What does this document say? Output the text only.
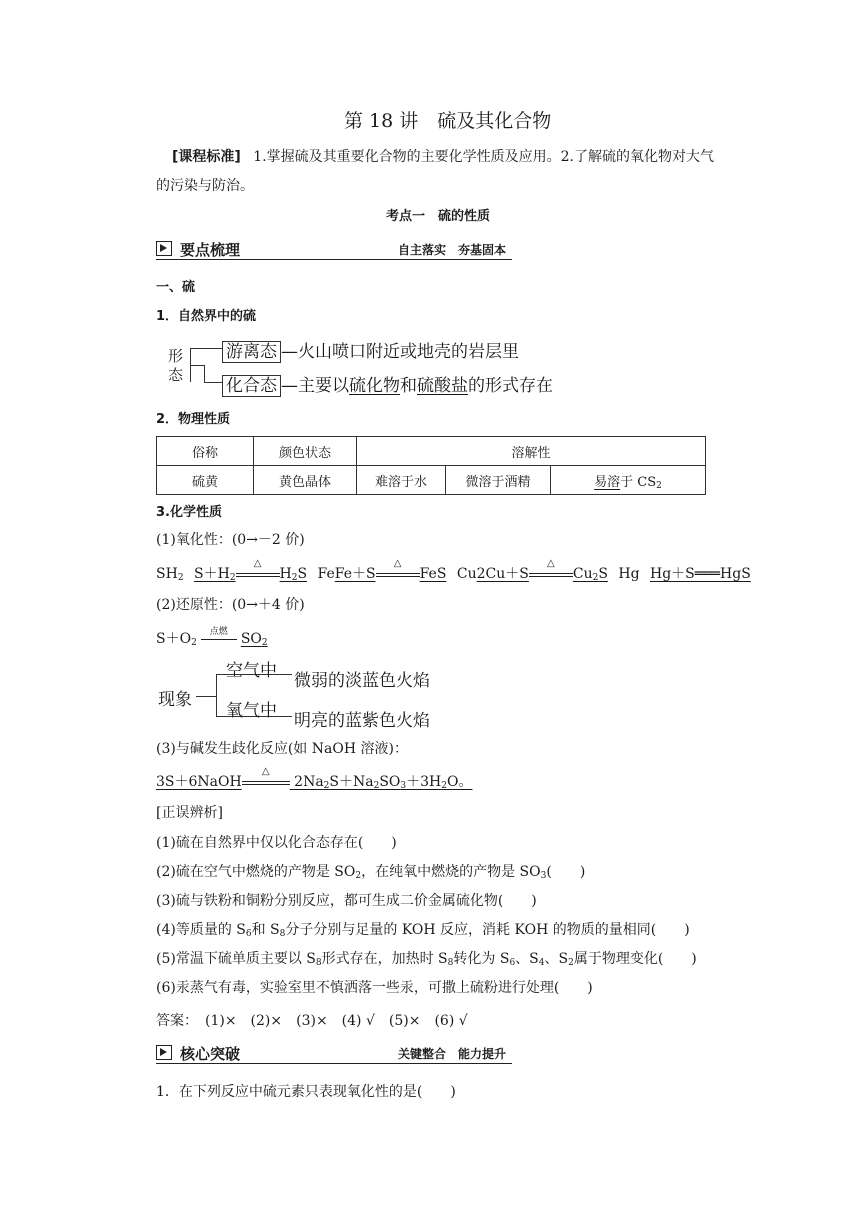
第 18 讲　硫及其化合物
[课程标准] 1.掌握硫及其重要化合物的主要化学性质及应用。2.了解硫的氧化物对大气
的污染与防治。
考点一　硫的性质
要点梳理	自主落实　夯基固本
一、硫
1．自然界中的硫
形
态
游离态 —火山喷口附近或地壳的岩层里
化合态 —主要以硫化物和硫酸盐的形式存在
2．物理性质
俗称	颜色状态	溶解性		
硫黄	黄色晶体	难溶于水	微溶于酒精	易溶于 $CS_2$
3.化学性质
(1)氧化性：(0→－2 价)
$SH_2$ $S+H_2$
△
$H_2S$ FeFe＋S
△
FeS Cu2Cu＋S
△
$Cu_2S$ Hg Hg＋S═══HgS
(2)还原性：(0→＋4 价)
$S+O_2$
点燃 $SO_2$
现象
空气中 微弱的淡蓝色火焰
氧气中 明亮的蓝紫色火焰
(3)与碱发生歧化反应(如 NaOH 溶液)：
3S＋6NaOH
△
$2Na_2S+Na_2SO_3+3H_2O$。
[正误辨析]
(1)硫在自然界中仅以化合态存在(　　)
(2)硫在空气中燃烧的产物是 $SO_2$，在纯氧中燃烧的产物是 $SO_3$(　　)
(3)硫与铁粉和铜粉分别反应，都可生成二价金属硫化物(　　)
(4)等质量的 $S_6$和 $S_8$分子分别与足量的 KOH 反应，消耗 KOH 的物质的量相同(　　)
(5)常温下硫单质主要以 $S_8$形式存在，加热时 $S_8$转化为 $S_6$、$S_4$、$S_2$属于物理变化(　　)
(6)汞蒸气有毒，实验室里不慎洒落一些汞，可撒上硫粉进行处理(　　)
答案：　(1)×　(2)×　(3)×　(4) √　(5)×　(6) √
核心突破	关键整合　能力提升
1．在下列反应中硫元素只表现氧化性的是(　　)
